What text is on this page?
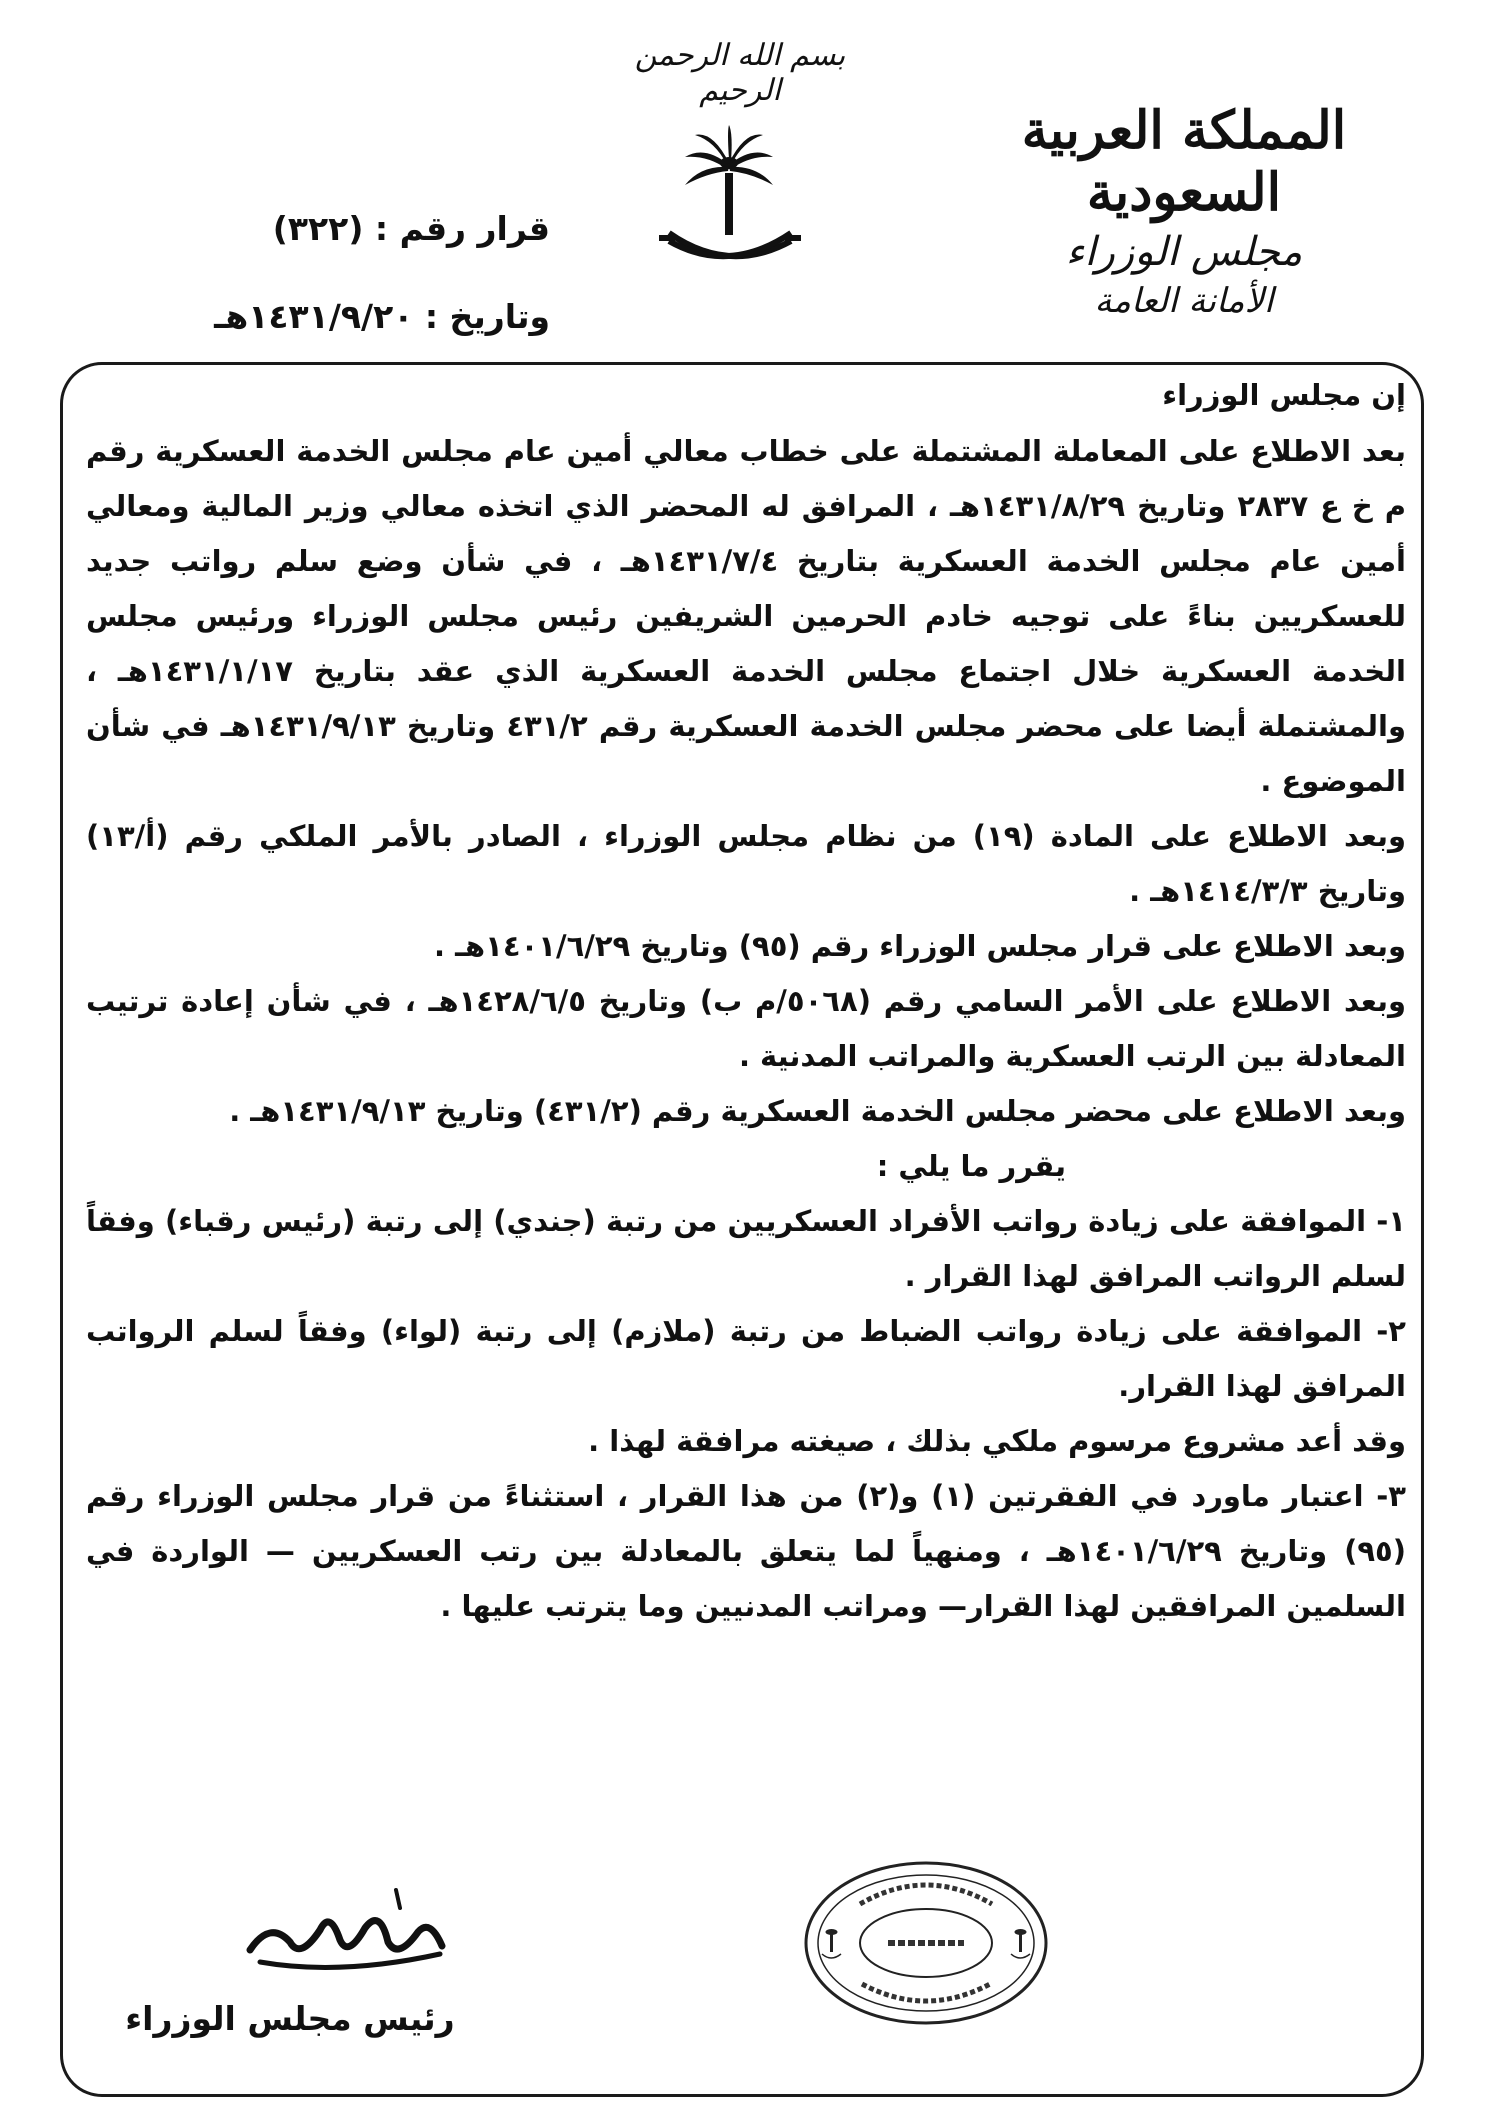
بسم الله الرحمن الرحيم
المملكة العربية السعودية
مجلس الوزراء
الأمانة العامة
قرار رقم : (٣٢٢)
وتاريخ : ١٤٣١/٩/٢٠هـ

إن مجلس الوزراء

بعد الاطلاع على المعاملة المشتملة على خطاب معالي أمين عام مجلس الخدمة العسكرية رقم م خ ع ٢٨٣٧ وتاريخ ١٤٣١/٨/٢٩هـ ، المرافق له المحضر الذي اتخذه معالي وزير المالية ومعالي أمين عام مجلس الخدمة العسكرية بتاريخ ١٤٣١/٧/٤هـ ، في شأن وضع سلم رواتب جديد للعسكريين بناءً على توجيه خادم الحرمين الشريفين رئيس مجلس الوزراء ورئيس مجلس الخدمة العسكرية خلال اجتماع مجلس الخدمة العسكرية الذي عقد بتاريخ ١٤٣١/١/١٧هـ ، والمشتملة أيضا على محضر مجلس الخدمة العسكرية رقم ٤٣١/٢ وتاريخ ١٤٣١/٩/١٣هـ في شأن الموضوع .

وبعد الاطلاع على المادة (١٩) من نظام مجلس الوزراء ، الصادر بالأمر الملكي رقم (أ/١٣) وتاريخ ١٤١٤/٣/٣هـ .

وبعد الاطلاع على قرار مجلس الوزراء رقم (٩٥) وتاريخ ١٤٠١/٦/٢٩هـ .

وبعد الاطلاع على الأمر السامي رقم (٥٠٦٨/م ب) وتاريخ ١٤٢٨/٦/٥هـ ، في شأن إعادة ترتيب المعادلة بين الرتب العسكرية والمراتب المدنية .

وبعد الاطلاع على محضر مجلس الخدمة العسكرية رقم (٤٣١/٢) وتاريخ ١٤٣١/٩/١٣هـ .

يقرر ما يلي :

١- الموافقة على زيادة رواتب الأفراد العسكريين من رتبة (جندي) إلى رتبة (رئيس رقباء) وفقاً لسلم الرواتب المرافق لهذا القرار .

٢- الموافقة على زيادة رواتب الضباط من رتبة (ملازم) إلى رتبة (لواء) وفقاً لسلم الرواتب المرافق لهذا القرار.

وقد أعد مشروع مرسوم ملكي بذلك ، صيغته مرافقة لهذا .

٣- اعتبار ماورد في الفقرتين (١) و(٢) من هذا القرار ، استثناءً من قرار مجلس الوزراء رقم (٩٥) وتاريخ ١٤٠١/٦/٢٩هـ ، ومنهياً لما يتعلق بالمعادلة بين رتب العسكريين — الواردة في السلمين المرافقين لهذا القرار— ومراتب المدنيين وما يترتب عليها .

رئيس مجلس الوزراء
